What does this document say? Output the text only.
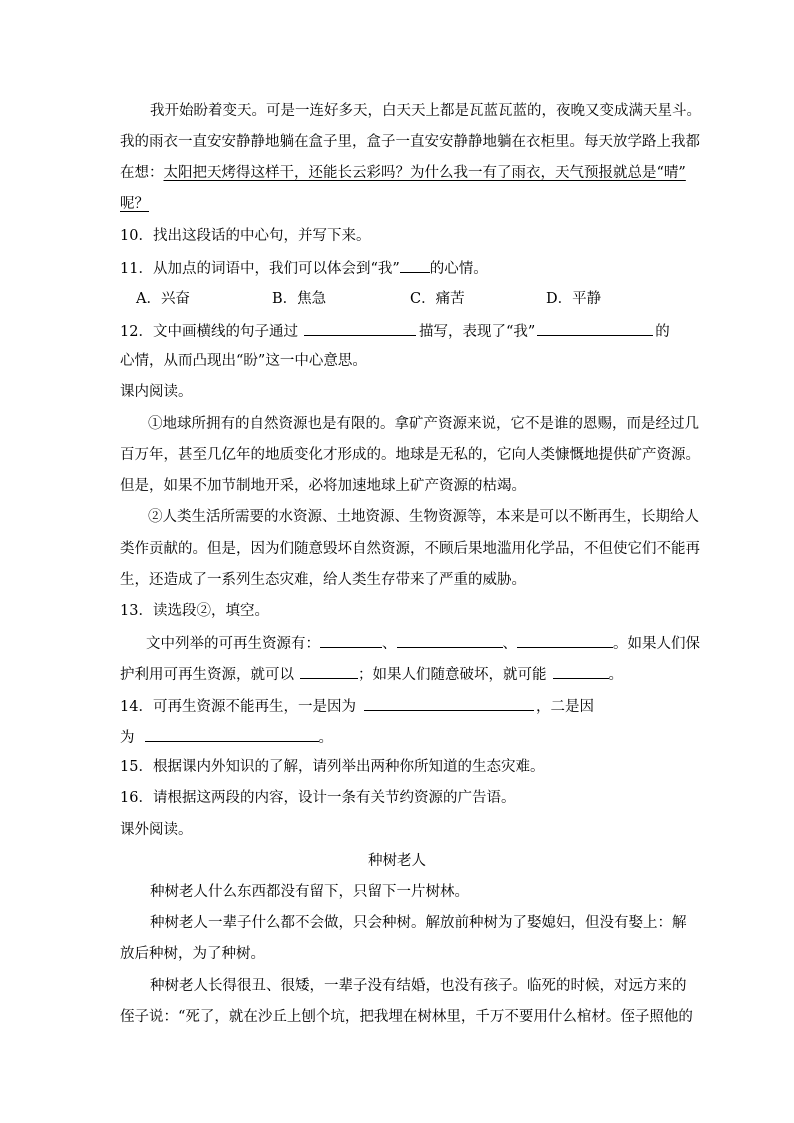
我开始盼着变天。可是一连好多天，白天天上都是瓦蓝瓦蓝的，夜晚又变成满天星斗。
我的雨衣一直安安静静地躺在盒子里，盒子一直安安静静地躺在衣柜里。每天放学路上我都
在想：太阳把天烤得这样干，还能长云彩吗？为什么我一有了雨衣，天气预报就总是“晴”
呢？
10．找出这段话的中心句，并写下来。
11．从加点的词语中，我们可以体会到“我” 的心情。
A．兴奋	B．焦急	C．痛苦	D．平静
12．文中画横线的句子通过	描写，表现了“我”	的
心情，从而凸现出“盼”这一中心意思。
课内阅读。
①地球所拥有的自然资源也是有限的。拿矿产资源来说，它不是谁的恩赐，而是经过几
百万年，甚至几亿年的地质变化才形成的。地球是无私的，它向人类慷慨地提供矿产资源。
但是，如果不加节制地开采，必将加速地球上矿产资源的枯竭。
②人类生活所需要的水资源、土地资源、生物资源等，本来是可以不断再生，长期给人
类作贡献的。但是，因为们随意毁坏自然资源，不顾后果地滥用化学品，不但使它们不能再
生，还造成了一系列生态灾难，给人类生存带来了严重的威胁。
13．读选段②，填空。
文中列举的可再生资源有：	、	、	。如果人们保
护利用可再生资源，就可以	；如果人们随意破坏，就可能	。
14．可再生资源不能再生，一是因为	，二是因
为	。
15．根据课内外知识的了解，请列举出两种你所知道的生态灾难。
16．请根据这两段的内容，设计一条有关节约资源的广告语。
课外阅读。
种树老人
种树老人什么东西都没有留下，只留下一片树林。
种树老人一辈子什么都不会做，只会种树。解放前种树为了娶媳妇，但没有娶上：解
放后种树，为了种树。
种树老人长得很丑、很矮，一辈子没有结婚，也没有孩子。临死的时候，对远方来的
侄子说：“死了，就在沙丘上刨个坑，把我埋在树林里，千万不要用什么棺材。侄子照他的
